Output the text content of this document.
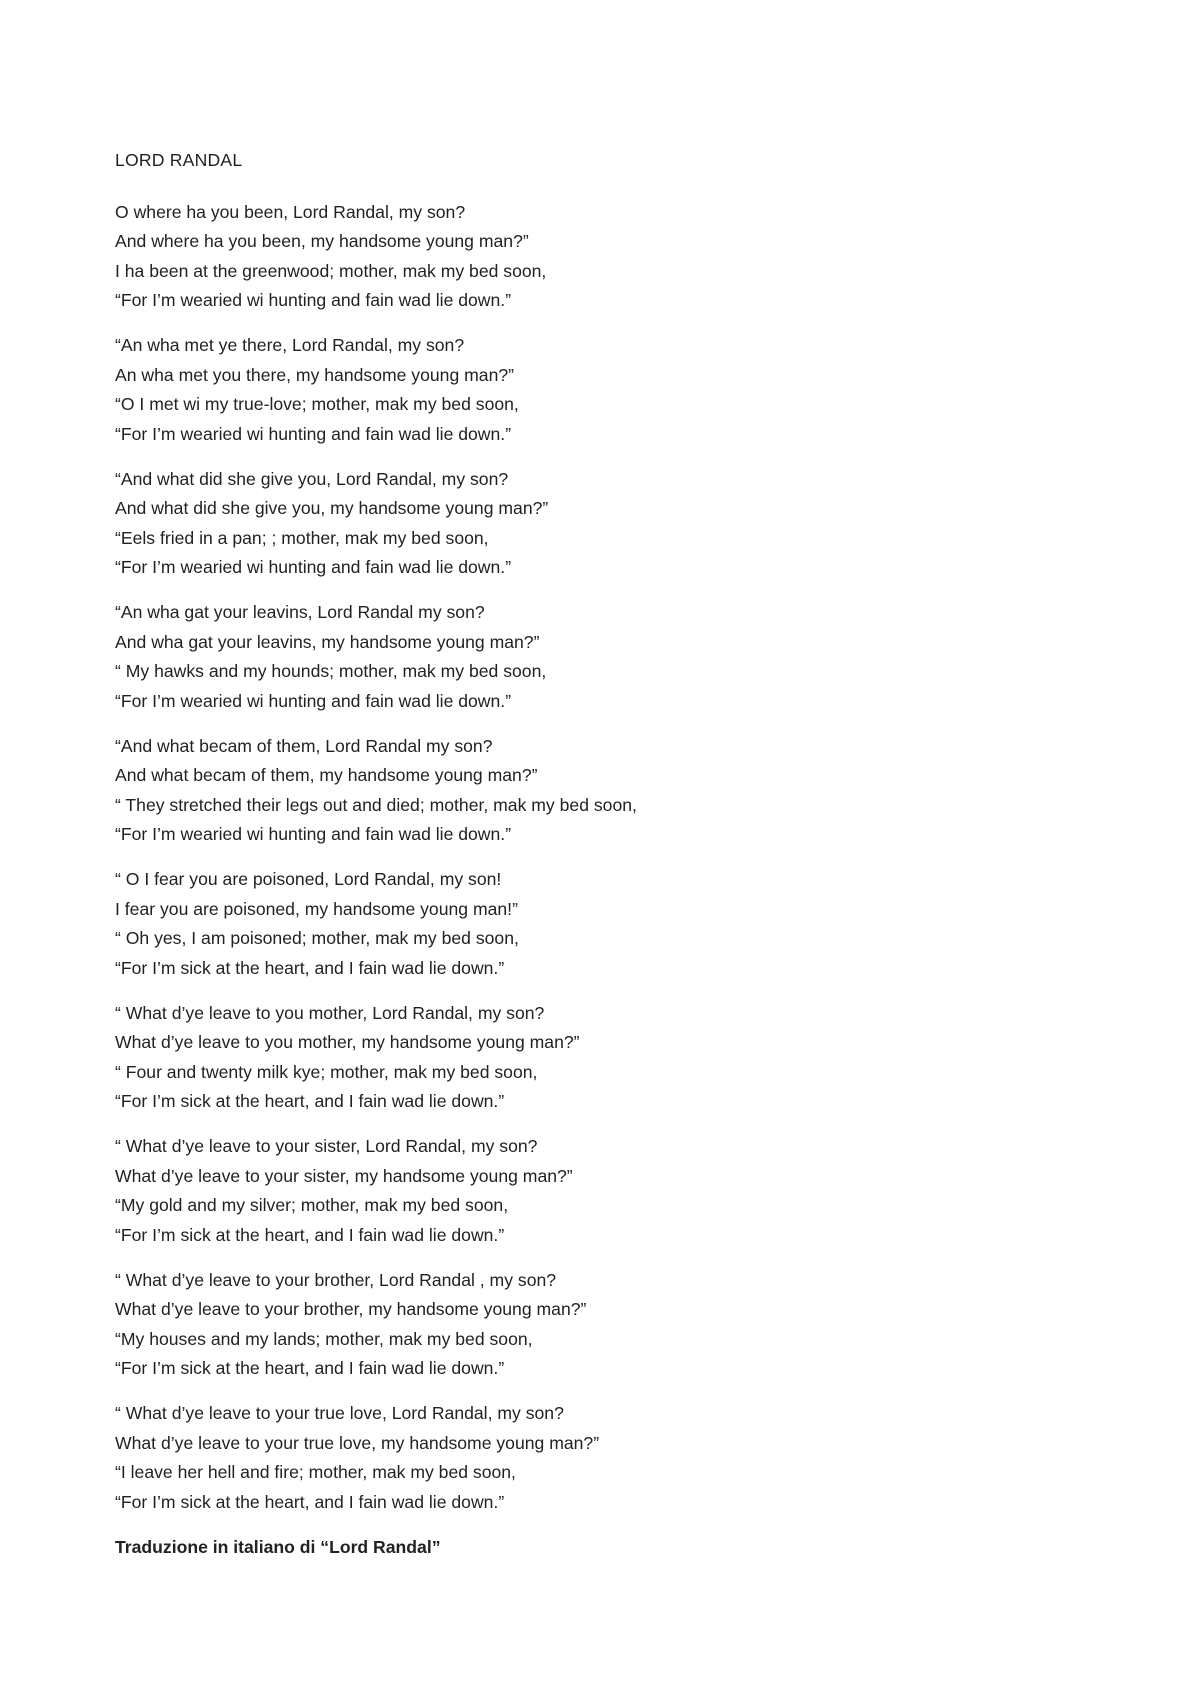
LORD RANDAL
O where ha you been, Lord Randal, my son?
And where ha you been, my handsome young man?”
I ha been at the greenwood; mother, mak my bed soon,
“For I’m wearied wi hunting and fain wad lie down.”
“An wha met ye there, Lord Randal, my son?
An wha met you there, my handsome young man?”
“O I met wi my true-love; mother, mak my bed soon,
“For I’m wearied wi hunting and fain wad lie down.”
“And what did she give you, Lord Randal, my son?
And what did she give you, my handsome young man?”
“Eels fried in a pan; ; mother, mak my bed soon,
“For I’m wearied wi hunting and fain wad lie down.”
“An wha gat your leavins, Lord Randal my son?
And wha gat your leavins, my handsome young man?”
“ My hawks and my hounds; mother, mak my bed soon,
“For I’m wearied wi hunting and fain wad lie down.”
“And what becam of them, Lord Randal my son?
And what becam of them, my handsome young man?”
“ They stretched their legs out and died; mother, mak my bed soon,
“For I’m wearied wi hunting and fain wad lie down.”
“ O I fear you are poisoned, Lord Randal, my son!
I fear you are poisoned, my handsome young man!”
“ Oh yes, I am poisoned; mother, mak my bed soon,
“For I’m sick at the heart, and I fain wad lie down.”
“ What d’ye leave to you mother, Lord Randal, my son?
What d’ye leave to you mother, my handsome young man?”
“ Four and twenty milk kye; mother, mak my bed soon,
“For I’m sick at the heart, and I fain wad lie down.”
“ What d’ye leave to your sister, Lord Randal, my son?
What d’ye leave to your sister, my handsome young man?”
“My gold and my silver; mother, mak my bed soon,
“For I’m sick at the heart, and I fain wad lie down.”
“ What d’ye leave to your brother, Lord Randal , my son?
What d’ye leave to your brother, my handsome young man?”
“My houses and my lands; mother, mak my bed soon,
“For I’m sick at the heart, and I fain wad lie down.”
“ What d’ye leave to your true love, Lord Randal, my son?
What d’ye leave to your true love, my handsome young man?”
“I leave her hell and fire; mother, mak my bed soon,
“For I’m sick at the heart, and I fain wad lie down.”
Traduzione in italiano di “Lord Randal”
